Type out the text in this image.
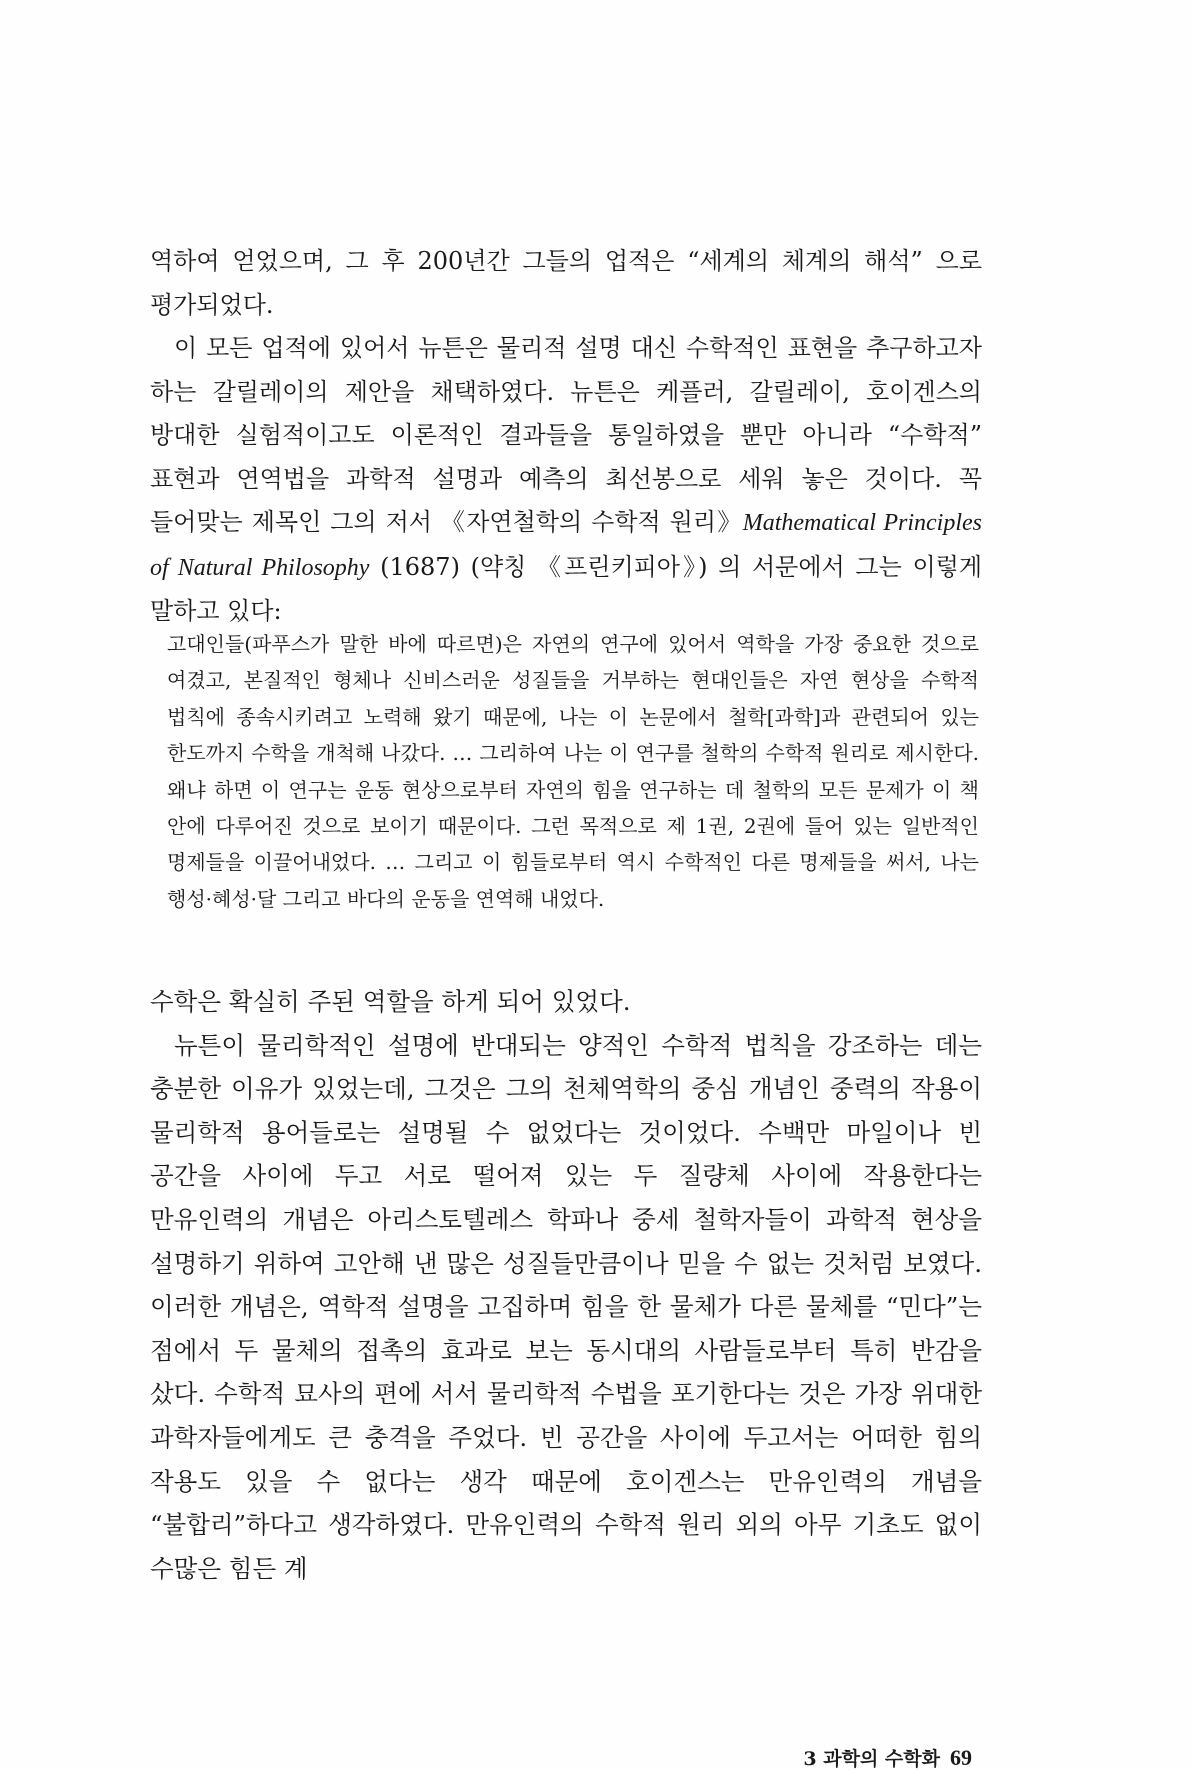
역하여 얻었으며, 그 후 200년간 그들의 업적은 “세계의 체계의 해석” 으로 평가되었다.

이 모든 업적에 있어서 뉴튼은 물리적 설명 대신 수학적인 표현을 추구하고자 하는 갈릴레이의 제안을 채택하였다. 뉴튼은 케플러, 갈릴레이, 호이겐스의 방대한 실험적이고도 이론적인 결과들을 통일하였을 뿐만 아니라 “수학적” 표현과 연역법을 과학적 설명과 예측의 최선봉으로 세워 놓은 것이다. 꼭 들어맞는 제목인 그의 저서 《자연철학의 수학적 원리》Mathematical Principles of Natural Philosophy (1687) (약칭 《프린키피아》) 의 서문에서 그는 이렇게 말하고 있다:

고대인들(파푸스가 말한 바에 따르면)은 자연의 연구에 있어서 역학을 가장 중요한 것으로 여겼고, 본질적인 형체나 신비스러운 성질들을 거부하는 현대인들은 자연 현상을 수학적 법칙에 종속시키려고 노력해 왔기 때문에, 나는 이 논문에서 철학[과학]과 관련되어 있는 한도까지 수학을 개척해 나갔다. … 그리하여 나는 이 연구를 철학의 수학적 원리로 제시한다. 왜냐 하면 이 연구는 운동 현상으로부터 자연의 힘을 연구하는 데 철학의 모든 문제가 이 책 안에 다루어진 것으로 보이기 때문이다. 그런 목적으로 제 1권, 2권에 들어 있는 일반적인 명제들을 이끌어내었다. … 그리고 이 힘들로부터 역시 수학적인 다른 명제들을 써서, 나는 행성·혜성·달 그리고 바다의 운동을 연역해 내었다.

수학은 확실히 주된 역할을 하게 되어 있었다.

뉴튼이 물리학적인 설명에 반대되는 양적인 수학적 법칙을 강조하는 데는 충분한 이유가 있었는데, 그것은 그의 천체역학의 중심 개념인 중력의 작용이 물리학적 용어들로는 설명될 수 없었다는 것이었다. 수백만 마일이나 빈 공간을 사이에 두고 서로 떨어져 있는 두 질량체 사이에 작용한다는 만유인력의 개념은 아리스토텔레스 학파나 중세 철학자들이 과학적 현상을 설명하기 위하여 고안해 낸 많은 성질들만큼이나 믿을 수 없는 것처럼 보였다. 이러한 개념은, 역학적 설명을 고집하며 힘을 한 물체가 다른 물체를 “민다”는 점에서 두 물체의 접촉의 효과로 보는 동시대의 사람들로부터 특히 반감을 샀다. 수학적 묘사의 편에 서서 물리학적 수법을 포기한다는 것은 가장 위대한 과학자들에게도 큰 충격을 주었다. 빈 공간을 사이에 두고서는 어떠한 힘의 작용도 있을 수 없다는 생각 때문에 호이겐스는 만유인력의 개념을 “불합리”하다고 생각하였다. 만유인력의 수학적 원리 외의 아무 기초도 없이 수많은 힘든 계

3 과학의 수학화 69
